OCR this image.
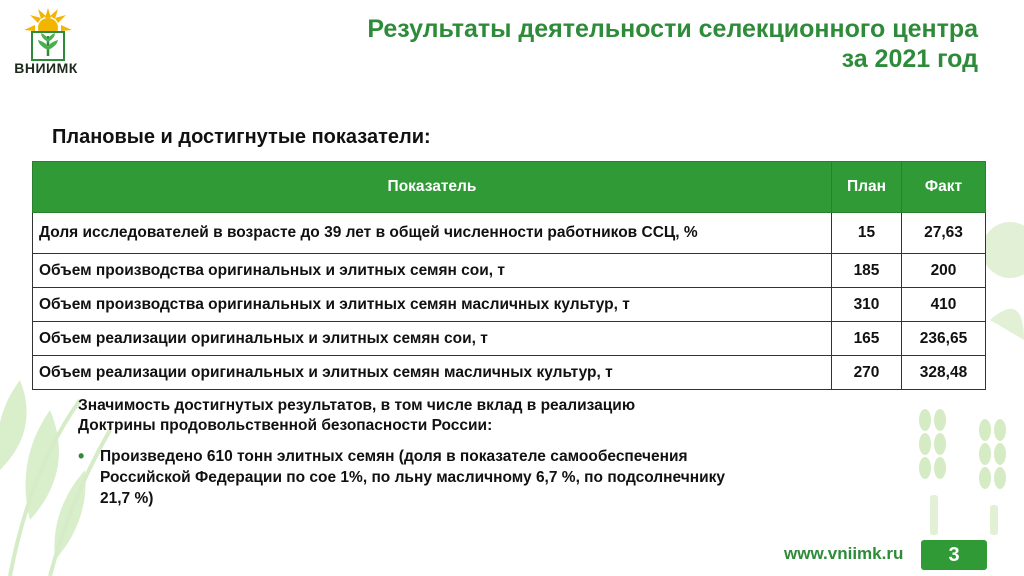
ВНИИМК
Результаты деятельности селекционного центра
за 2021 год
Плановые и достигнутые показатели:
Показатель	План	Факт
Доля исследователей в возрасте до 39 лет в общей численности работников ССЦ, %	15	27,63
Объем производства оригинальных и элитных семян сои, т	185	200
Объем производства оригинальных и элитных семян масличных культур, т	310	410
Объем реализации оригинальных и элитных семян сои, т	165	236,65
Объем реализации оригинальных и элитных семян масличных культур, т	270	328,48
Значимость достигнутых результатов, в том числе вклад в реализацию
Доктрины продовольственной безопасности России:
• Произведено 610 тонн элитных семян (доля в показателе самообеспечения Российской Федерации по сое 1%, по льну масличному 6,7 %, по подсолнечнику 21,7 %)
www.vniimk.ru	3
